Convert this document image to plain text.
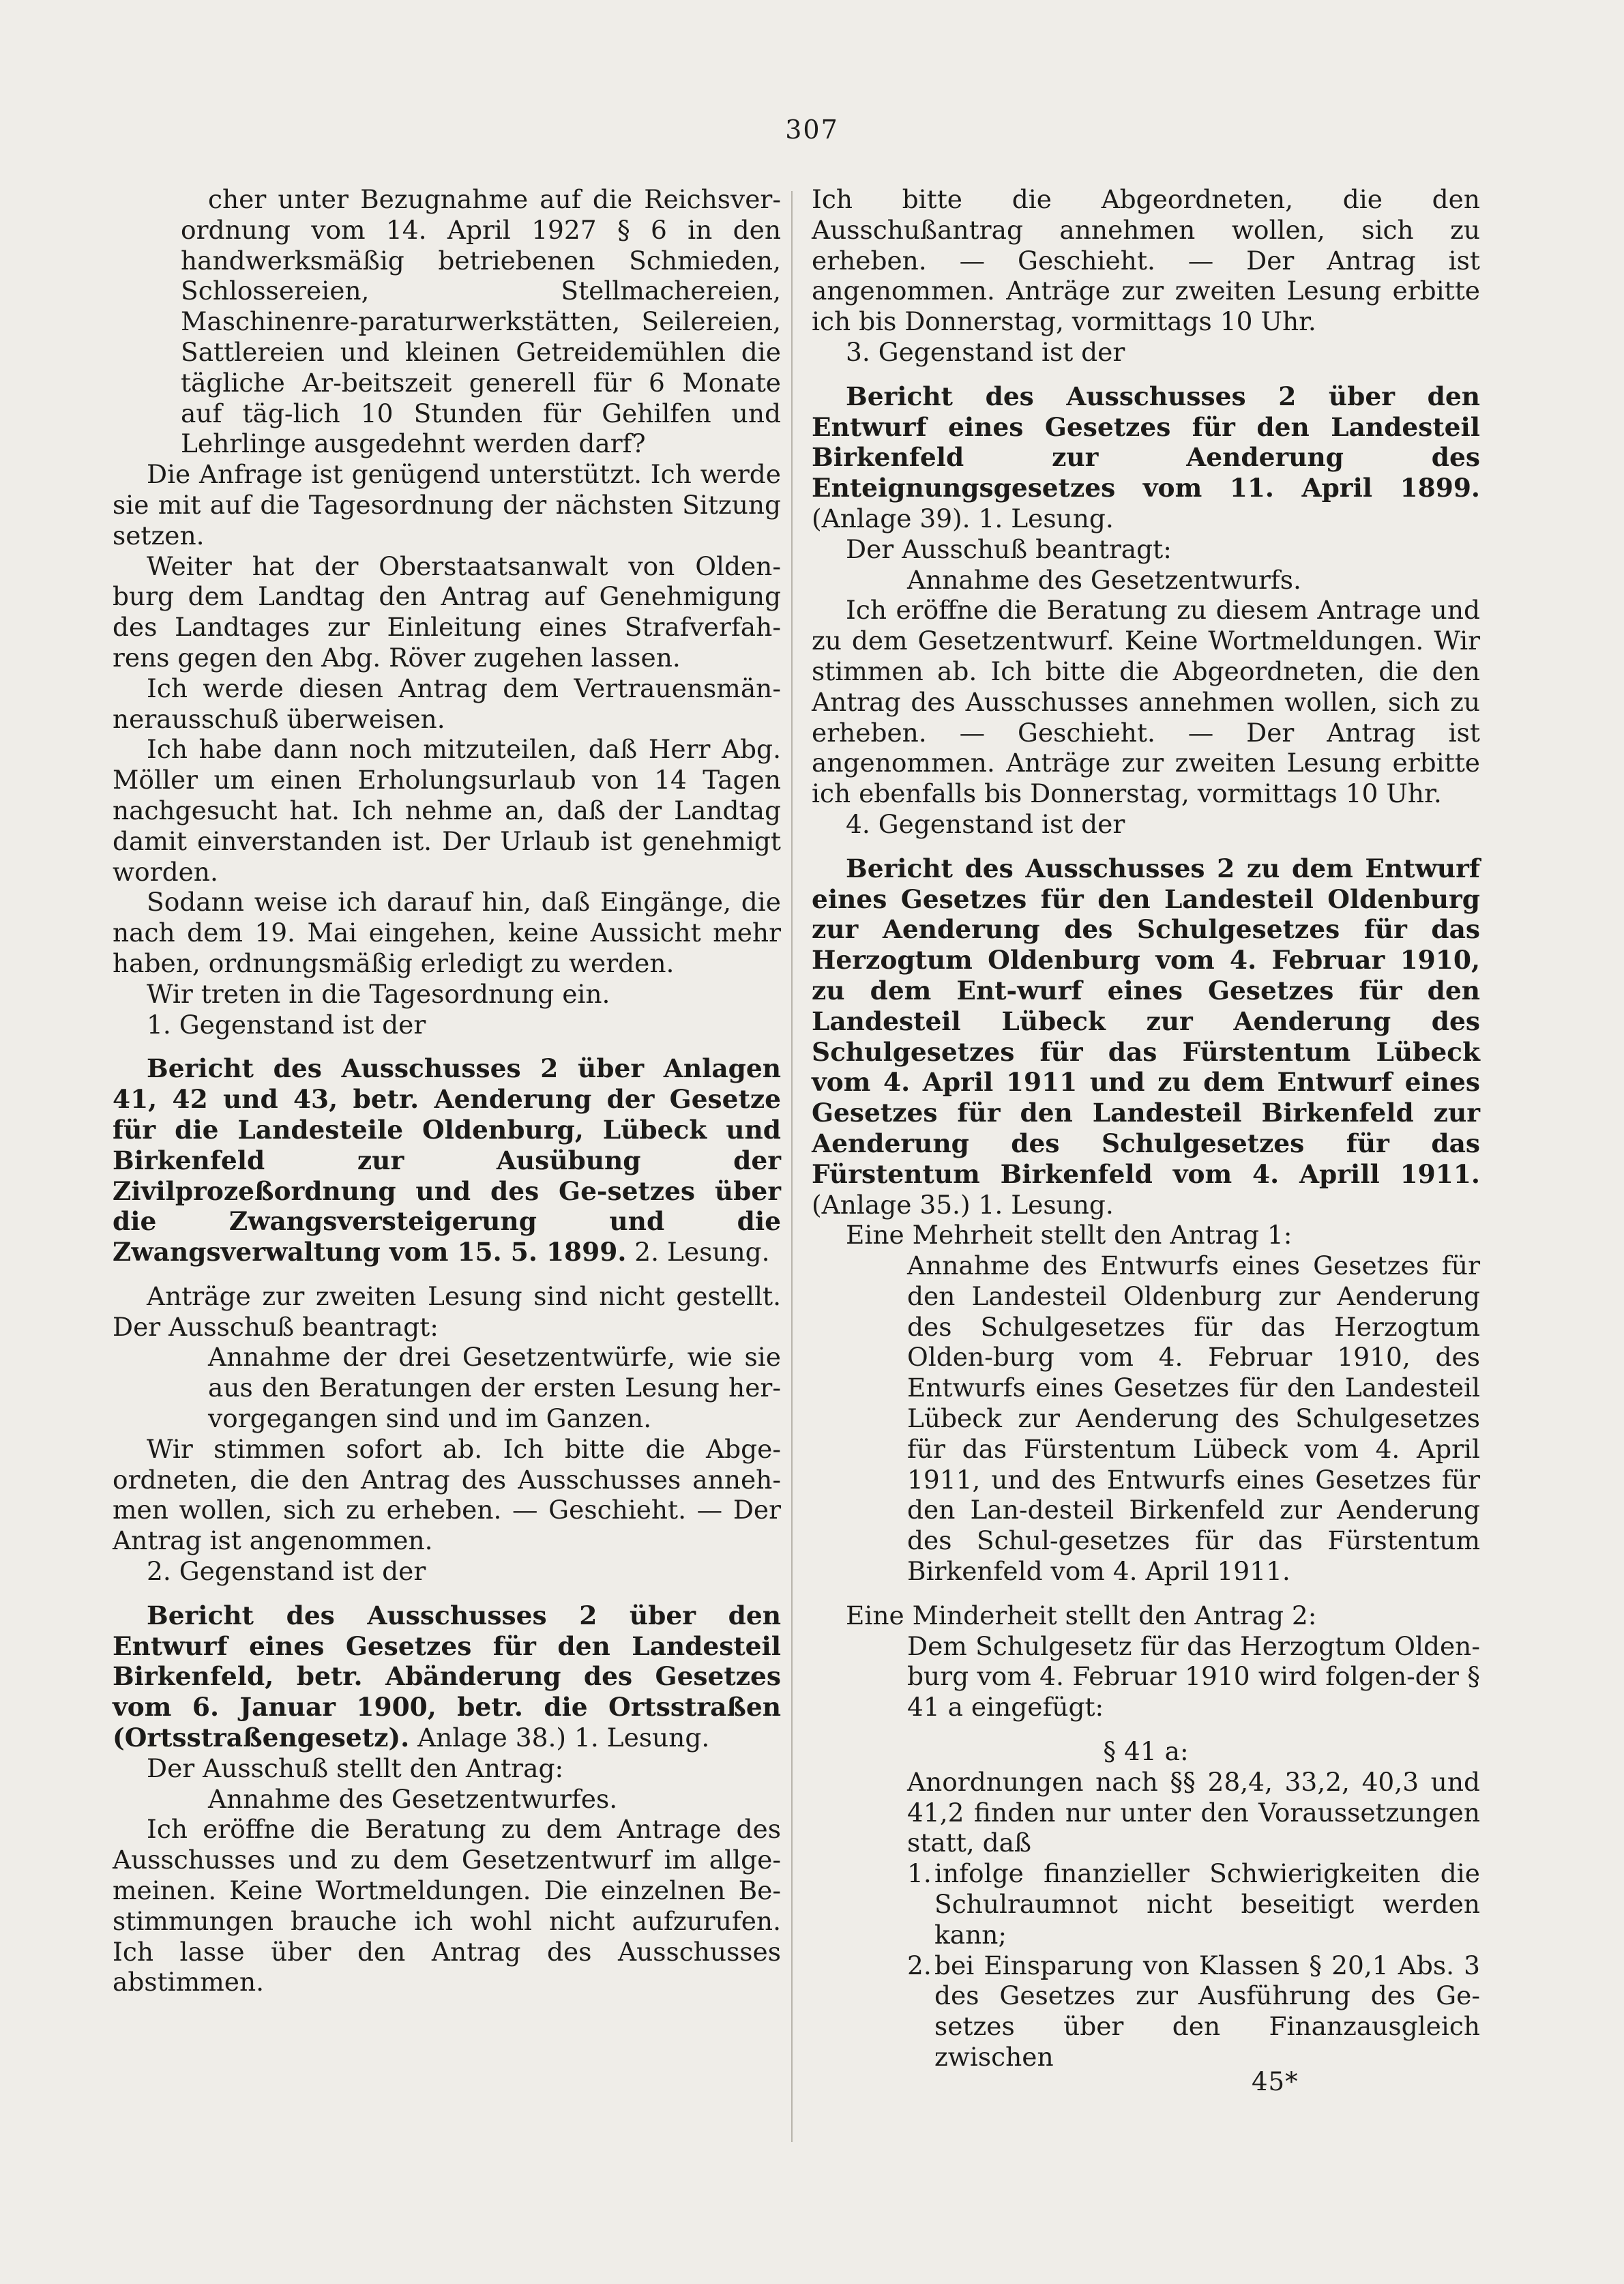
307

cher unter Bezugnahme auf die Reichsver-ordnung vom 14. April 1927 § 6 in den handwerksmäßig betriebenen Schmieden, Schlossereien, Stellmachereien, Maschinenre-paraturwerkstätten, Seilereien, Sattlereien und kleinen Getreidemühlen die tägliche Ar-beitszeit generell für 6 Monate auf täg-lich 10 Stunden für Gehilfen und Lehrlinge ausgedehnt werden darf?

Die Anfrage ist genügend unterstützt. Ich werde sie mit auf die Tagesordnung der nächsten Sitzung setzen.

Weiter hat der Oberstaatsanwalt von Olden-burg dem Landtag den Antrag auf Genehmigung des Landtages zur Einleitung eines Strafverfah-rens gegen den Abg. Röver zugehen lassen.

Ich werde diesen Antrag dem Vertrauensmän-nerausschuß überweisen.

Ich habe dann noch mitzuteilen, daß Herr Abg. Möller um einen Erholungsurlaub von 14 Tagen nachgesucht hat. Ich nehme an, daß der Landtag damit einverstanden ist. Der Urlaub ist genehmigt worden.

Sodann weise ich darauf hin, daß Eingänge, die nach dem 19. Mai eingehen, keine Aussicht mehr haben, ordnungsmäßig erledigt zu werden.

Wir treten in die Tagesordnung ein.

1. Gegenstand ist der

Bericht des Ausschusses 2 über Anlagen 41, 42 und 43, betr. Aenderung der Gesetze für die Landesteile Oldenburg, Lübeck und Birkenfeld zur Ausübung der Zivilprozeßordnung und des Ge-setzes über die Zwangsversteigerung und die Zwangsverwaltung vom 15. 5. 1899. 2. Lesung.

Anträge zur zweiten Lesung sind nicht gestellt. Der Ausschuß beantragt:

Annahme der drei Gesetzentwürfe, wie sie aus den Beratungen der ersten Lesung her-vorgegangen sind und im Ganzen.

Wir stimmen sofort ab. Ich bitte die Abge-ordneten, die den Antrag des Ausschusses anneh-men wollen, sich zu erheben. — Geschieht. — Der Antrag ist angenommen.

2. Gegenstand ist der

Bericht des Ausschusses 2 über den Entwurf eines Gesetzes für den Landesteil Birkenfeld, betr. Abänderung des Gesetzes vom 6. Januar 1900, betr. die Ortsstraßen (Ortsstraßengesetz). Anlage 38.) 1. Lesung.

Der Ausschuß stellt den Antrag:

Annahme des Gesetzentwurfes.

Ich eröffne die Beratung zu dem Antrage des Ausschusses und zu dem Gesetzentwurf im allge-meinen. Keine Wortmeldungen. Die einzelnen Be-stimmungen brauche ich wohl nicht aufzurufen. Ich lasse über den Antrag des Ausschusses abstimmen.

Ich bitte die Abgeordneten, die den Ausschußantrag annehmen wollen, sich zu erheben. — Geschieht. — Der Antrag ist angenommen. Anträge zur zweiten Lesung erbitte ich bis Donnerstag, vormittags 10 Uhr.

3. Gegenstand ist der

Bericht des Ausschusses 2 über den Entwurf eines Gesetzes für den Landesteil Birkenfeld zur Aenderung des Enteignungsgesetzes vom 11. April 1899. (Anlage 39). 1. Lesung.

Der Ausschuß beantragt:

Annahme des Gesetzentwurfs.

Ich eröffne die Beratung zu diesem Antrage und zu dem Gesetzentwurf. Keine Wortmeldungen. Wir stimmen ab. Ich bitte die Abgeordneten, die den Antrag des Ausschusses annehmen wollen, sich zu erheben. — Geschieht. — Der Antrag ist angenommen. Anträge zur zweiten Lesung erbitte ich ebenfalls bis Donnerstag, vormittags 10 Uhr.

4. Gegenstand ist der

Bericht des Ausschusses 2 zu dem Entwurf eines Gesetzes für den Landesteil Oldenburg zur Aenderung des Schulgesetzes für das Herzogtum Oldenburg vom 4. Februar 1910, zu dem Ent-wurf eines Gesetzes für den Landesteil Lübeck zur Aenderung des Schulgesetzes für das Fürstentum Lübeck vom 4. April 1911 und zu dem Entwurf eines Gesetzes für den Landesteil Birkenfeld zur Aenderung des Schulgesetzes für das Fürstentum Birkenfeld vom 4. Aprill 1911. (Anlage 35.) 1. Lesung.

Eine Mehrheit stellt den Antrag 1:

Annahme des Entwurfs eines Gesetzes für den Landesteil Oldenburg zur Aenderung des Schulgesetzes für das Herzogtum Olden-burg vom 4. Februar 1910, des Entwurfs eines Gesetzes für den Landesteil Lübeck zur Aenderung des Schulgesetzes für das Fürstentum Lübeck vom 4. April 1911, und des Entwurfs eines Gesetzes für den Lan-desteil Birkenfeld zur Aenderung des Schul-gesetzes für das Fürstentum Birkenfeld vom 4. April 1911.

Eine Minderheit stellt den Antrag 2:

Dem Schulgesetz für das Herzogtum Olden-burg vom 4. Februar 1910 wird folgen-der § 41 a eingefügt:

§ 41 a:

Anordnungen nach §§ 28,4, 33,2, 40,3 und 41,2 finden nur unter den Voraussetzungen statt, daß

1. infolge finanzieller Schwierigkeiten die Schulraumnot nicht beseitigt werden kann;
2. bei Einsparung von Klassen § 20,1 Abs. 3 des Gesetzes zur Ausführung des Ge-setzes über den Finanzausgleich zwischen
45*
